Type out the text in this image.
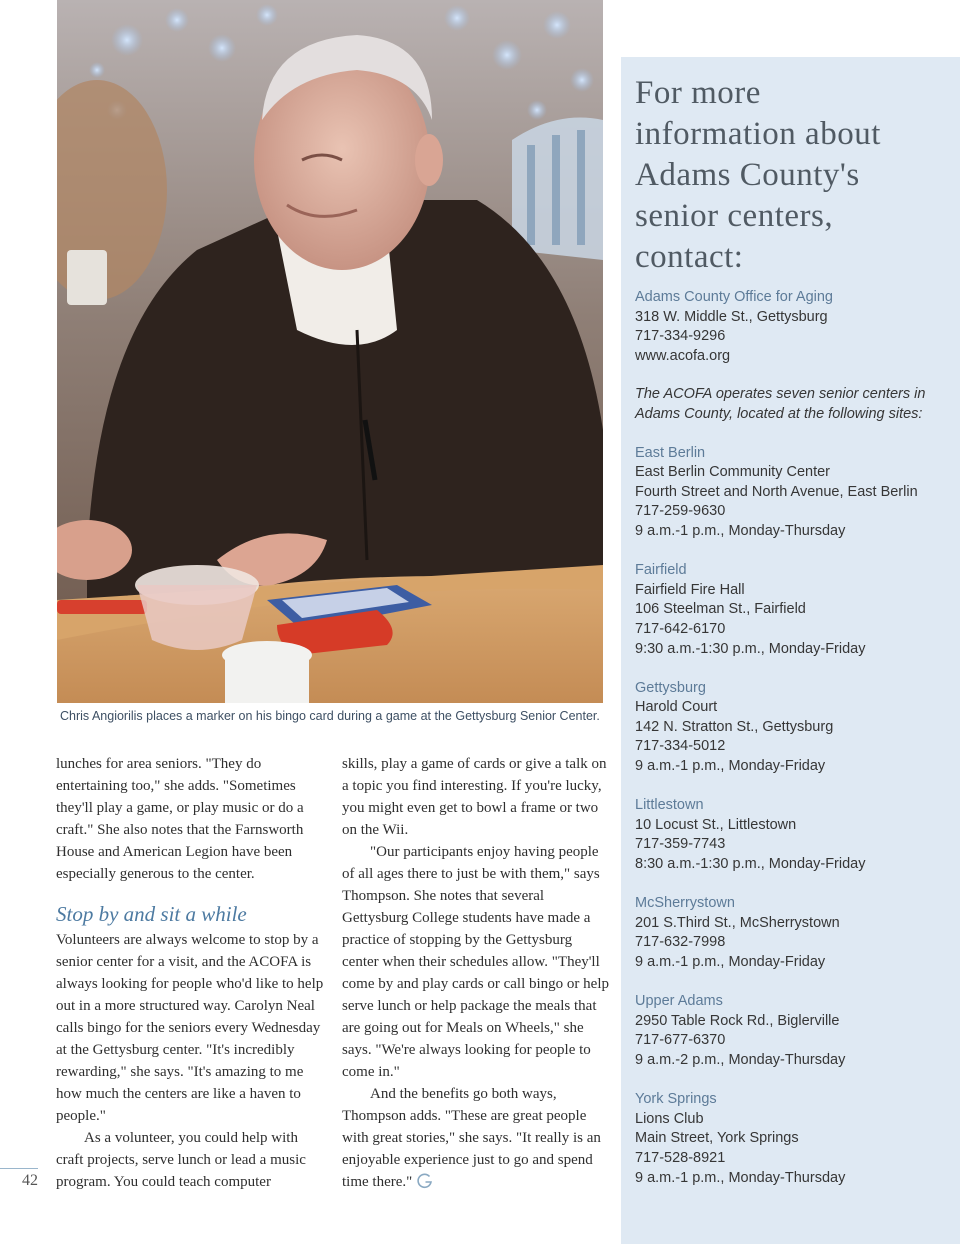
Chris Angiorilis places a marker on his bingo card during a game at the Gettysburg Senior Center.

lunches for area seniors. "They do entertaining too," she adds. "Sometimes they'll play a game, or play music or do a craft." She also notes that the Farnsworth House and American Legion have been especially generous to the center.

Stop by and sit a while

Volunteers are always welcome to stop by a senior center for a visit, and the ACOFA is always looking for people who'd like to help out in a more structured way. Carolyn Neal calls bingo for the seniors every Wednesday at the Gettysburg center. "It's incredibly rewarding," she says. "It's amazing to me how much the centers are like a haven to people."

As a volunteer, you could help with craft projects, serve lunch or lead a music program. You could teach computer

skills, play a game of cards or give a talk on a topic you find interesting. If you're lucky, you might even get to bowl a frame or two on the Wii.

"Our participants enjoy having people of all ages there to just be with them," says Thompson. She notes that several Gettysburg College students have made a practice of stopping by the Gettysburg center when their schedules allow. "They'll come by and play cards or call bingo or help serve lunch or help package the meals that are going out for Meals on Wheels," she says. "We're always looking for people to come in."

And the benefits go both ways, Thompson adds. "These are great people with great stories," she says. "It really is an enjoyable experience just to go and spend time there."

42
For more
information about
Adams County's
senior centers,
contact:
Adams County Office for Aging
318 W. Middle St., Gettysburg
717-334-9296
www.acofa.org
The ACOFA operates seven senior centers in
Adams County, located at the following sites:
East Berlin
East Berlin Community Center
Fourth Street and North Avenue, East Berlin
717-259-9630
9 a.m.-1 p.m., Monday-Thursday
Fairfield
Fairfield Fire Hall
106 Steelman St., Fairfield
717-642-6170
9:30 a.m.-1:30 p.m., Monday-Friday
Gettysburg
Harold Court
142 N. Stratton St., Gettysburg
717-334-5012
9 a.m.-1 p.m., Monday-Friday
Littlestown
10 Locust St., Littlestown
717-359-7743
8:30 a.m.-1:30 p.m., Monday-Friday
McSherrystown
201 S.Third St., McSherrystown
717-632-7998
9 a.m.-1 p.m., Monday-Friday
Upper Adams
2950 Table Rock Rd., Biglerville
717-677-6370
9 a.m.-2 p.m., Monday-Thursday
York Springs
Lions Club
Main Street, York Springs
717-528-8921
9 a.m.-1 p.m., Monday-Thursday
